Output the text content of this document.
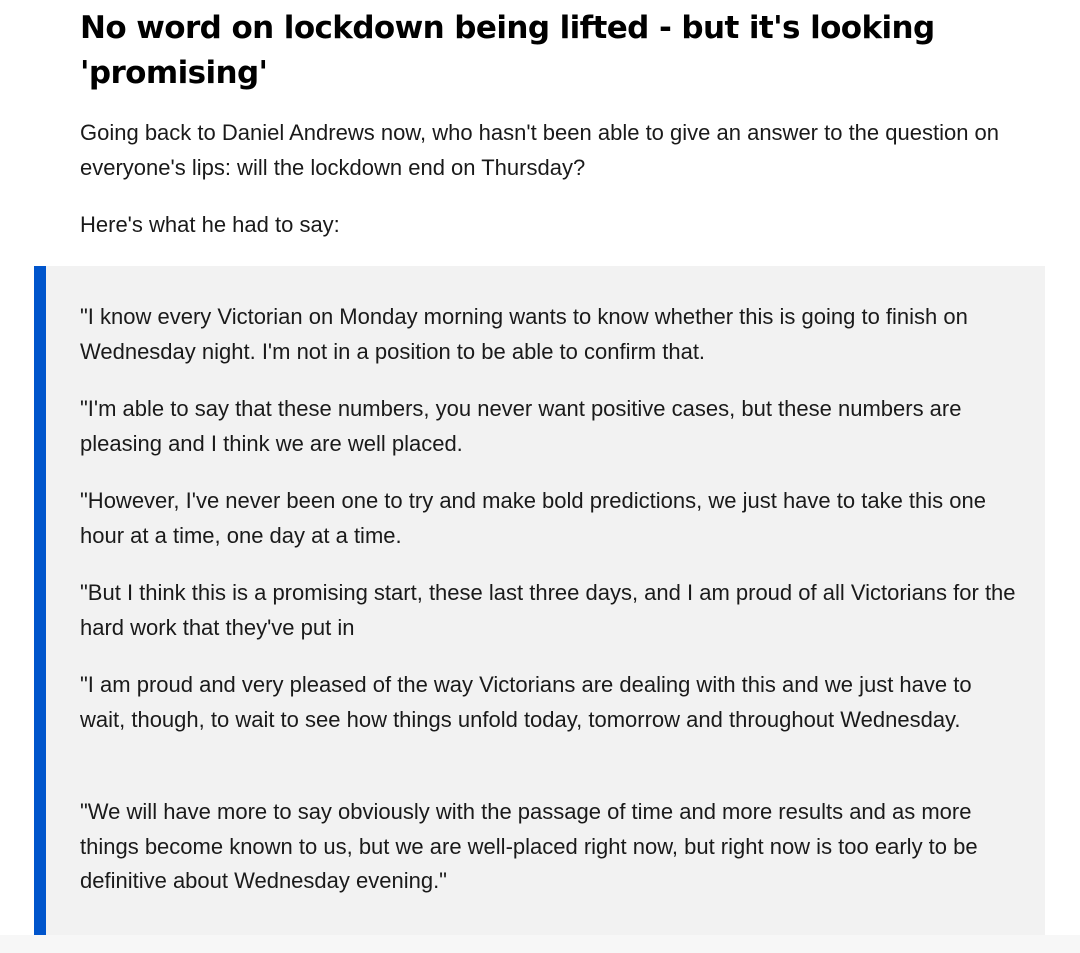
No word on lockdown being lifted - but it's looking 'promising'

Going back to Daniel Andrews now, who hasn't been able to give an answer to the question on everyone's lips: will the lockdown end on Thursday?

Here's what he had to say:

"I know every Victorian on Monday morning wants to know whether this is going to finish on Wednesday night. I'm not in a position to be able to confirm that.

"I'm able to say that these numbers, you never want positive cases, but these numbers are pleasing and I think we are well placed.

"However, I've never been one to try and make bold predictions, we just have to take this one hour at a time, one day at a time.

"But I think this is a promising start, these last three days, and I am proud of all Victorians for the hard work that they've put in

"I am proud and very pleased of the way Victorians are dealing with this and we just have to wait, though, to wait to see how things unfold today, tomorrow and throughout Wednesday.

"We will have more to say obviously with the passage of time and more results and as more things become known to us, but we are well-placed right now, but right now is too early to be definitive about Wednesday evening."
